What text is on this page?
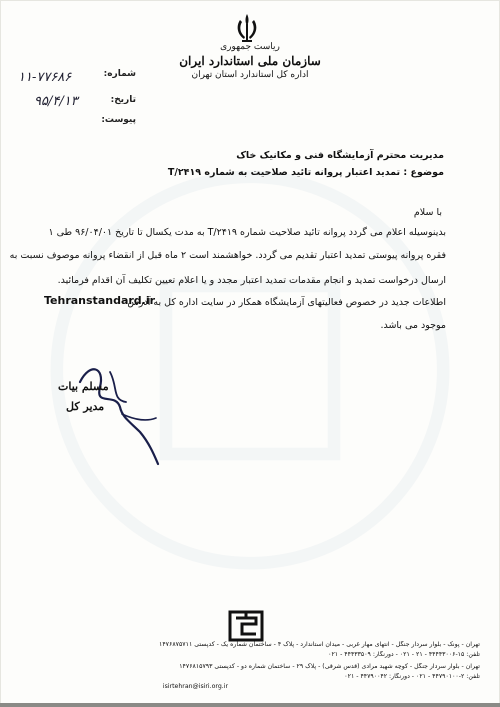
ریاست جمهوری
سازمان ملی استاندارد ایران
اداره کل استاندارد استان تهران
شماره:
تاریخ:
پیوست:
۱۱-۷۷۶۸۶
۹۵/۴/۱۳
مدیریت محترم آزمایشگاه فنی و مکانیک خاک
موضوع : تمدید اعتبار پروانه تائید صلاحیت به شماره T/۲۴۱۹
با سلام
بدینوسیله اعلام می گردد پروانه تائید صلاحیت شماره T/۲۴۱۹ به مدت یکسال تا تاریخ ۹۶/۰۴/۰۱ طی ۱
فقره پروانه پیوستی تمدید اعتبار تقدیم می گردد. خواهشمند است ۲ ماه قبل از انقضاء پروانه موصوف نسبت به
ارسال درخواست تمدید و انجام مقدمات تمدید اعتبار مجدد و یا اعلام تعیین تکلیف آن اقدام فرمائید.
اطلاعات جدید در خصوص فعالیتهای آزمایشگاه همکار در سایت اداره کل به آدرس
Tehranstandard.ir
موجود می باشد.
مسلم بیات
مدیر کل
تهران - پونک - بلوار سردار جنگل - انتهای مهار غربی - میدان استاندارد - پلاک ۴ - ساختمان شماره یک - کدپستی ۱۴۷۶۸۷۵۷۱۱
تلفن: ۱۵-۴۴۴۴۳۰۰۶ - ۲۱ - ۰۲۱ - دورنگار: ۴۴۴۳۳۵۰۹ - ۰۲۱
تهران - بلوار سردار جنگل - کوچه شهید مرادی (قدس شرقی) - پلاک ۲۹ - ساختمان شماره دو - کدپستی ۱۴۷۶۸۱۵۷۹۳
تلفن: ۲-۴۴۷۹۰۱۰۰ - ۰۲۱ - دورنگار: ۴۴۷۹۰۰۴۲ - ۰۲۱
isirtehran@isiri.org.ir
